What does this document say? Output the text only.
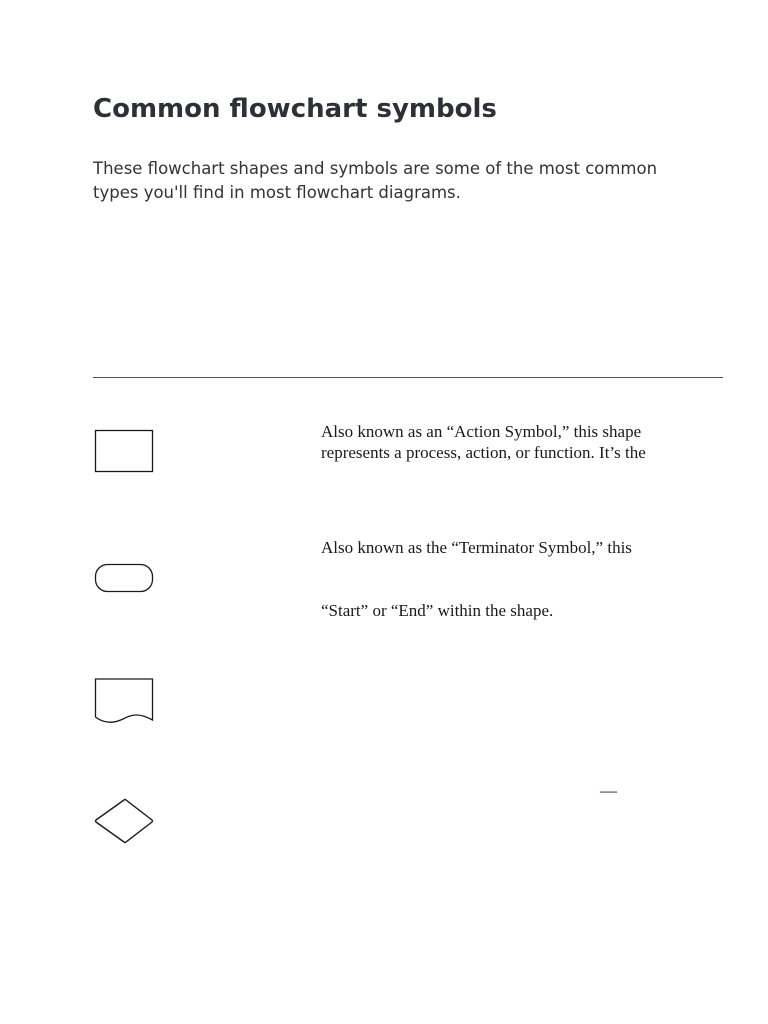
Common flowchart symbols

These flowchart shapes and symbols are some of the most common types you'll find in most flowchart diagrams.

Also known as an “Action Symbol,” this shape

represents a process, action, or function. It’s the

Also known as the “Terminator Symbol,” this

“Start” or “End” within the shape.

—
